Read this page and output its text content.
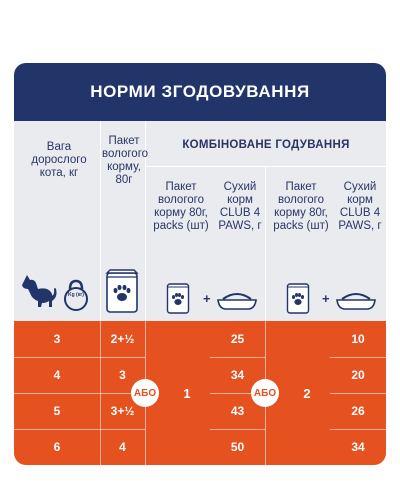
НОРМИ ЗГОДОВУВАННЯ
Вага дорослого кота, кг
Пакет вологого корму, 80г
КОМБІНОВАНЕ ГОДУВАННЯ
Пакет вологого корму 80г, packs (шт)
Сухий корм CLUB 4 PAWS, г
Пакет вологого корму 80г, packs (шт)
Сухий корм CLUB 4 PAWS, г
Kg (кг)	+	+
3	2+½	25	10
4	3	34	20
5	3+½	43	26
6	4	50	34
1	2
АБО	АБО
